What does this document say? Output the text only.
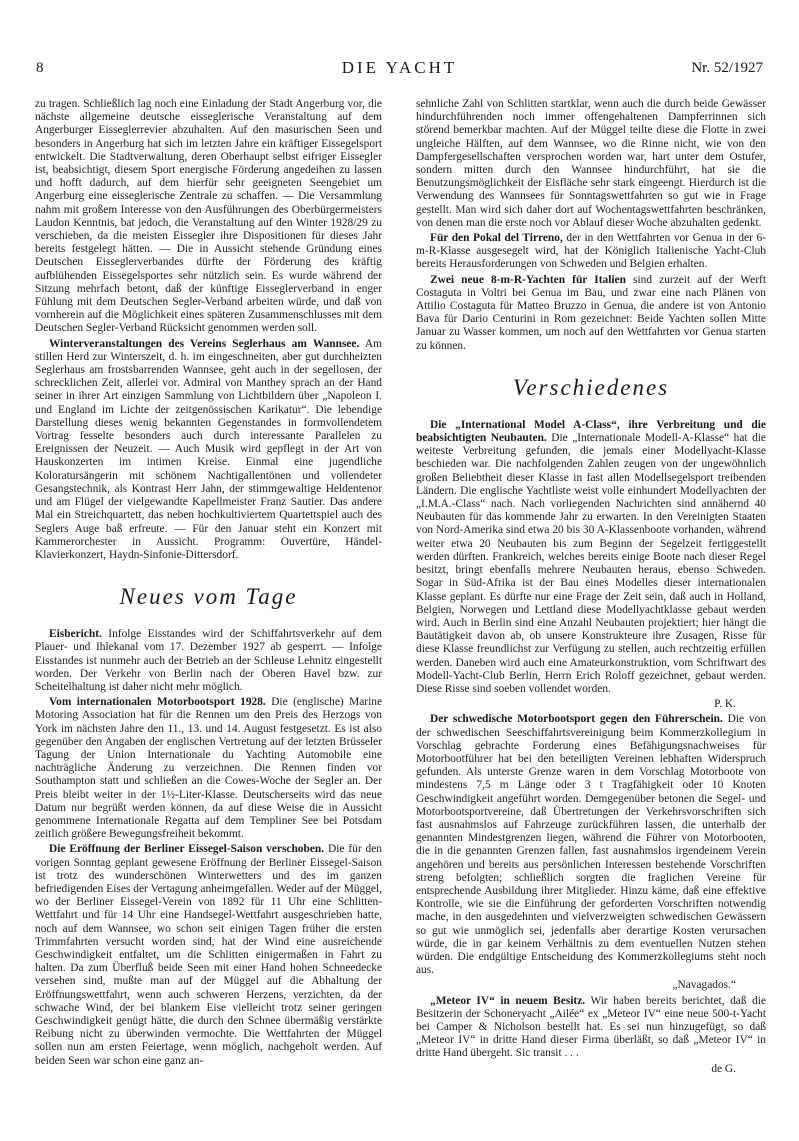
8	DIE YACHT	Nr. 52/1927

zu tragen. Schließlich lag noch eine Einladung der Stadt Angerburg vor, die nächste allgemeine deutsche eisseglerische Veranstaltung auf dem Angerburger Eisseglerrevier abzuhalten. Auf den masurischen Seen und besonders in Angerburg hat sich im letzten Jahre ein kräftiger Eissegelsport entwickelt. Die Stadtverwaltung, deren Oberhaupt selbst eifriger Eissegler ist, beabsichtigt, diesem Sport energische Förderung angedeihen zu lassen und hofft dadurch, auf dem hierfür sehr geeigneten Seengebiet um Angerburg eine eisseglerische Zentrale zu schaffen. — Die Versammlung nahm mit großem Interesse von den Ausführungen des Oberbürgermeisters Laudon Kenntnis, bat jedoch, die Veranstaltung auf den Winter 1928/29 zu verschieben, da die meisten Eissegler ihre Dispositionen für dieses Jahr bereits festgelegt hätten. — Die in Aussicht stehende Gründung eines Deutschen Eisseglerverbandes dürfte der Förderung des kräftig aufblühenden Eissegelsportes sehr nützlich sein. Es wurde während der Sitzung mehrfach betont, daß der künftige Eisseglerverband in enger Fühlung mit dem Deutschen Segler-Verband arbeiten würde, und daß von vornherein auf die Möglichkeit eines späteren Zusammenschlusses mit dem Deutschen Segler-Verband Rücksicht genommen werden soll.

Winterveranstaltungen des Vereins Seglerhaus am Wannsee. Am stillen Herd zur Winterszeit, d. h. im eingeschneiten, aber gut durchheizten Seglerhaus am frostsbarrenden Wannsee, geht auch in der segellosen, der schrecklichen Zeit, allerlei vor. Admiral von Manthey sprach an der Hand seiner in ihrer Art einzigen Sammlung von Lichtbildern über „Napoleon I. und England im Lichte der zeitgenössischen Karikatur“. Die lebendige Darstellung dieses wenig bekannten Gegenstandes in formvollendetem Vortrag fesselte besonders auch durch interessante Parallelen zu Ereignissen der Neuzeit. — Auch Musik wird gepflegt in der Art von Hauskonzerten im intimen Kreise. Einmal eine jugendliche Koloratursängerin mit schönem Nachtigallentönen und vollendeter Gesangstechnik, als Kontrast Herr Jahn, der stimmgewaltige Heldentenor und am Flügel der vielgewandte Kapellmeister Franz Sautier. Das andere Mal ein Streichquartett, das neben hochkultiviertem Quartettspiel auch des Seglers Auge baß erfreute. — Für den Januar steht ein Konzert mit Kammerorchester in Aussicht. Programm: Ouvertüre, Händel-Klavierkonzert, Haydn-Sinfonie-Dittersdorf.

Neues vom Tage

Eisbericht. Infolge Eisstandes wird der Schiffahrtsverkehr auf dem Plauer- und Ihlekanal vom 17. Dezember 1927 ab gesperrt. — Infolge Eisstandes ist nunmehr auch der Betrieb an der Schleuse Lehnitz eingestellt worden. Der Verkehr von Berlin nach der Oberen Havel bzw. zur Scheitelhaltung ist daher nicht mehr möglich.

Vom internationalen Motorbootsport 1928. Die (englische) Marine Motoring Association hat für die Rennen um den Preis des Herzogs von York im nächsten Jahre den 11., 13. und 14. August festgesetzt. Es ist also gegenüber den Angaben der englischen Vertretung auf der letzten Brüsseler Tagung der Union Internationale du Yachting Automobile eine nachträgliche Änderung zu verzeichnen. Die Rennen finden vor Southampton statt und schließen an die Cowes-Woche der Segler an. Der Preis bleibt weiter in der 1½-Liter-Klasse. Deutscherseits wird das neue Datum nur begrüßt werden können, da auf diese Weise die in Aussicht genommene Internationale Regatta auf dem Templiner See bei Potsdam zeitlich größere Bewegungsfreiheit bekommt.

Die Eröffnung der Berliner Eissegel-Saison verschoben. Die für den vorigen Sonntag geplant gewesene Eröffnung der Berliner Eissegel-Saison ist trotz des wunderschönen Winterwetters und des im ganzen befriedigenden Eises der Vertagung anheimgefallen. Weder auf der Müggel, wo der Berliner Eissegel-Verein von 1892 für 11 Uhr eine Schlitten-Wettfahrt und für 14 Uhr eine Handsegel-Wettfahrt ausgeschrieben hatte, noch auf dem Wannsee, wo schon seit einigen Tagen früher die ersten Trimmfahrten versucht worden sind, hat der Wind eine ausreichende Geschwindigkeit entfaltet, um die Schlitten einigermaßen in Fahrt zu halten. Da zum Überfluß beide Seen mit einer Hand hohen Schneedecke versehen sind, mußte man auf der Müggel auf die Abhaltung der Eröffnungswettfahrt, wenn auch schweren Herzens, verzichten, da der schwache Wind, der bei blankem Eise vielleicht trotz seiner geringen Geschwindigkeit genügt hätte, die durch den Schnee übermäßig verstärkte Reibung nicht zu überwinden vermochte. Die Wettfahrten der Müggel sollen nun am ersten Feiertage, wenn möglich, nachgeholt werden. Auf beiden Seen war schon eine ganz an-

sehnliche Zahl von Schlitten startklar, wenn auch die durch beide Gewässer hindurchführenden noch immer offengehaltenen Dampferrinnen sich störend bemerkbar machten. Auf der Müggel teilte diese die Flotte in zwei ungleiche Hälften, auf dem Wannsee, wo die Rinne nicht, wie von den Dampfergesellschaften versprochen worden war, hart unter dem Ostufer, sondern mitten durch den Wannsee hindurchführt, hat sie die Benutzungsmöglichkeit der Eisfläche sehr stark eingeengt. Hierdurch ist die Verwendung des Wannsees für Sonntagswettfahrten so gut wie in Frage gestellt. Man wird sich daher dort auf Wochentagswettfahrten beschränken, von denen man die erste noch vor Ablauf dieser Woche abzuhalten gedenkt.

Für den Pokal del Tirreno, der in den Wettfahrten vor Genua in der 6-m-R-Klasse ausgesegelt wird, hat der Königlich Italienische Yacht-Club bereits Herausforderungen von Schweden und Belgien erhalten.

Zwei neue 8-m-R-Yachten für Italien sind zurzeit auf der Werft Costaguta in Voltri bei Genua im Bau, und zwar eine nach Plänen von Attilio Costaguta für Matteo Bruzzo in Genua, die andere ist von Antonio Bava für Dario Centurini in Rom gezeichnet: Beide Yachten sollen Mitte Januar zu Wasser kommen, um noch auf den Wettfahrten vor Genua starten zu können.

Verschiedenes

Die „International Model A-Class“, ihre Verbreitung und die beabsichtigten Neubauten. Die „Internationale Modell-A-Klasse“ hat die weiteste Verbreitung gefunden, die jemals einer Modellyacht-Klasse beschieden war. Die nachfolgenden Zahlen zeugen von der ungewöhnlich großen Beliebtheit dieser Klasse in fast allen Modellsegelsport treibenden Ländern. Die englische Yachtliste weist volle einhundert Modellyachten der „I.M.A.-Class“ nach. Nach vorliegenden Nachrichten sind annähernd 40 Neubauten für das kommende Jahr zu erwarten. In den Vereinigten Staaten von Nord-Amerika sind etwa 20 bis 30 A-Klassenboote vorhanden, während weiter etwa 20 Neubauten bis zum Beginn der Segelzeit fertiggestellt werden dürften. Frankreich, welches bereits einige Boote nach dieser Regel besitzt, bringt ebenfalls mehrere Neubauten heraus, ebenso Schweden. Sogar in Süd-Afrika ist der Bau eines Modelles dieser internationalen Klasse geplant. Es dürfte nur eine Frage der Zeit sein, daß auch in Holland, Belgien, Norwegen und Lettland diese Modellyachtklasse gebaut werden wird. Auch in Berlin sind eine Anzahl Neubauten projektiert; hier hängt die Bautätigkeit davon ab, ob unsere Konstrukteure ihre Zusagen, Risse für diese Klasse freundlichst zur Verfügung zu stellen, auch rechtzeitig erfüllen werden. Daneben wird auch eine Amateurkonstruktion, vom Schriftwart des Modell-Yacht-Club Berlin, Herrn Erich Roloff gezeichnet, gebaut werden. Diese Risse sind soeben vollendet worden.

P. K.

Der schwedische Motorbootsport gegen den Führerschein. Die von der schwedischen Seeschiffahrtsvereinigung beim Kommerzkollegium in Vorschlag gebrachte Forderung eines Befähigungsnachweises für Motorbootführer hat bei den beteiligten Vereinen lebhaften Widerspruch gefunden. Als unterste Grenze waren in dem Vorschlag Motorboote von mindestens 7,5 m Länge oder 3 t Tragfähigkeit oder 10 Knoten Geschwindigkeit angeführt worden. Demgegenüber betonen die Segel- und Motorbootsportvereine, daß Übertretungen der Verkehrsvorschriften sich fast ausnahmslos auf Fahrzeuge zurückführen lassen, die unterhalb der genannten Mindestgrenzen liegen, während die Führer von Motorbooten, die in die genannten Grenzen fallen, fast ausnahmslos irgendeinem Verein angehören und bereits aus persönlichen Interessen bestehende Vorschriften streng befolgten; schließlich sorgten die fraglichen Vereine für entsprechende Ausbildung ihrer Mitglieder. Hinzu käme, daß eine effektive Kontrolle, wie sie die Einführung der geforderten Vorschriften notwendig mache, in den ausgedehnten und vielverzweigten schwedischen Gewässern so gut wie unmöglich sei, jedenfalls aber derartige Kosten verursachen würde, die in gar keinem Verhältnis zu dem eventuellen Nutzen stehen würden. Die endgültige Entscheidung des Kommerzkollegiums steht noch aus.

„Navagados.“

„Meteor IV“ in neuem Besitz. Wir haben bereits berichtet, daß die Besitzerin der Schoneryacht „Ailée“ ex „Meteor IV“ eine neue 500-t-Yacht bei Camper & Nicholson bestellt hat. Es sei nun hinzugefügt, so daß „Meteor IV“ in dritte Hand dieser Firma überläßt, so daß „Meteor IV“ in dritte Hand übergeht. Sic transit . . .

de G.
